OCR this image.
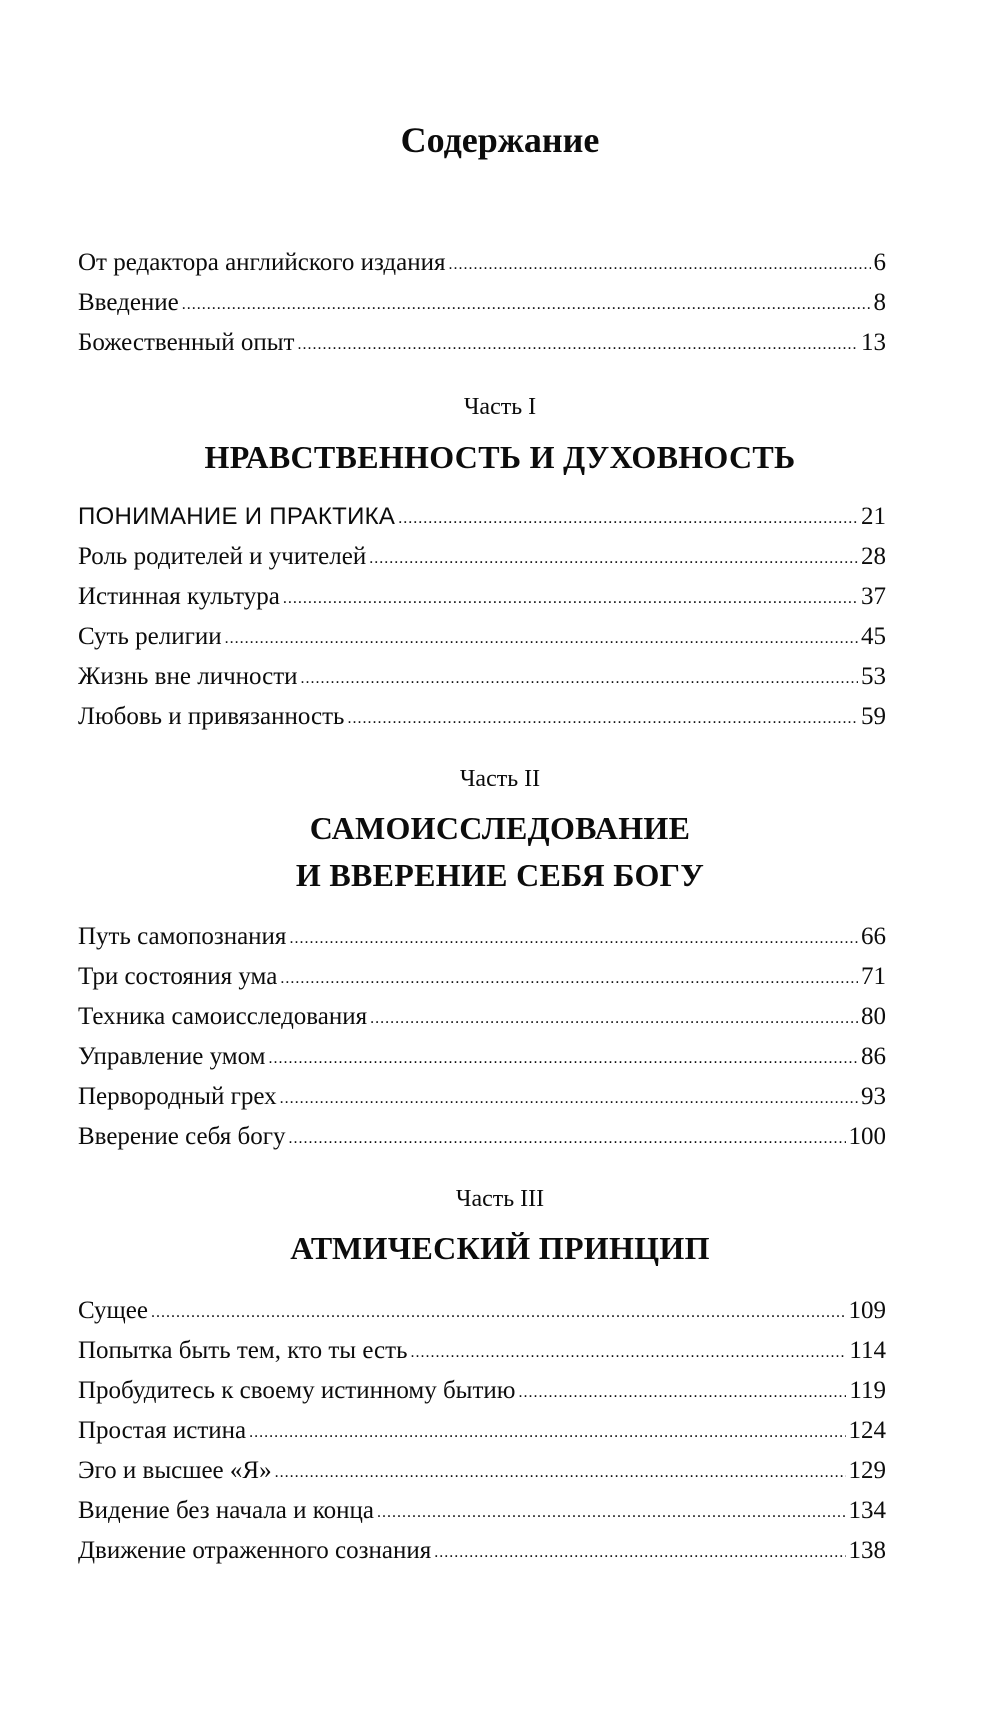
Содержание
От редактора английского издания .....	6
Введение .....	8
Божественный опыт .....	13
Часть I
НРАВСТВЕННОСТЬ И ДУХОВНОСТЬ
ПОНИМАНИЕ И ПРАКТИКА .....	21
Роль родителей и учителей .....	28
Истинная культура .....	37
Суть религии .....	45
Жизнь вне личности .....	53
Любовь и привязанность .....	59
Часть II
САМОИССЛЕДОВАНИЕ
И ВВЕРЕНИЕ СЕБЯ БОГУ
Путь самопознания .....	66
Три состояния ума .....	71
Техника самоисследования .....	80
Управление умом .....	86
Первородный грех .....	93
Вверение себя богу .....	100
Часть III
АТМИЧЕСКИЙ ПРИНЦИП
Сущее .....	109
Попытка быть тем, кто ты есть .....	114
Пробудитесь к своему истинному бытию .....	119
Простая истина .....	124
Эго и высшее «Я» .....	129
Видение без начала и конца .....	134
Движение отраженного сознания .....	138
